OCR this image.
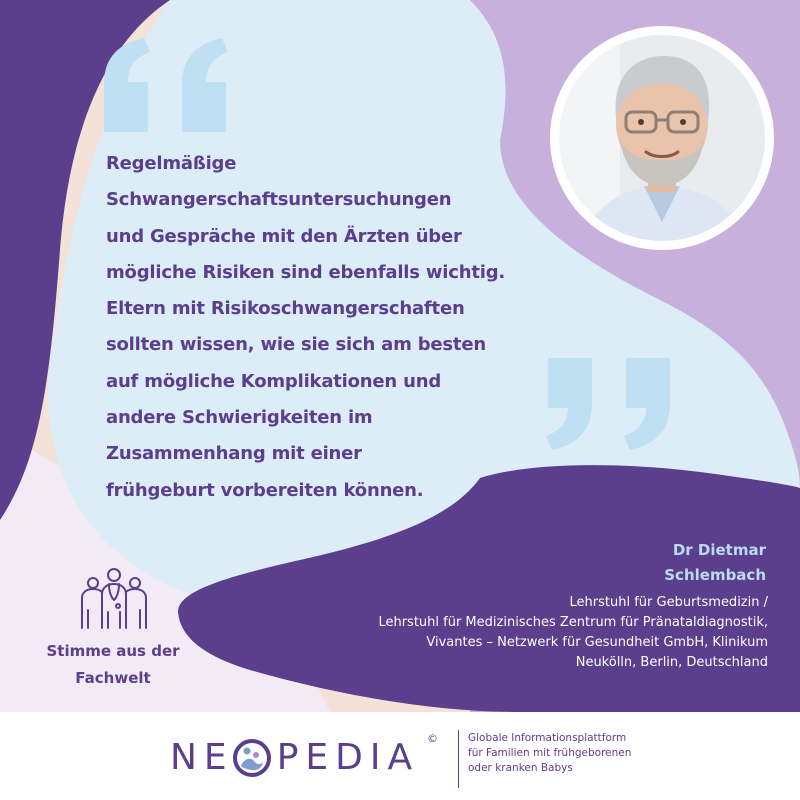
Regelmäßige
Schwangerschaftsuntersuchungen
und Gespräche mit den Ärzten über
mögliche Risiken sind ebenfalls wichtig.
Eltern mit Risikoschwangerschaften
sollten wissen, wie sie sich am besten
auf mögliche Komplikationen und
andere Schwierigkeiten im
Zusammenhang mit einer
frühgeburt vorbereiten können.

Dr Dietmar
Schlembach
Lehrstuhl für Geburtsmedizin /
Lehrstuhl für Medizinisches Zentrum für Pränataldiagnostik,
Vivantes – Netzwerk für Gesundheit GmbH, Klinikum
Neukölln, Berlin, Deutschland
Stimme aus der
Fachwelt
NE PEDIA ©	Globale Informationsplattform
für Familien mit frühgeborenen
oder kranken Babys
